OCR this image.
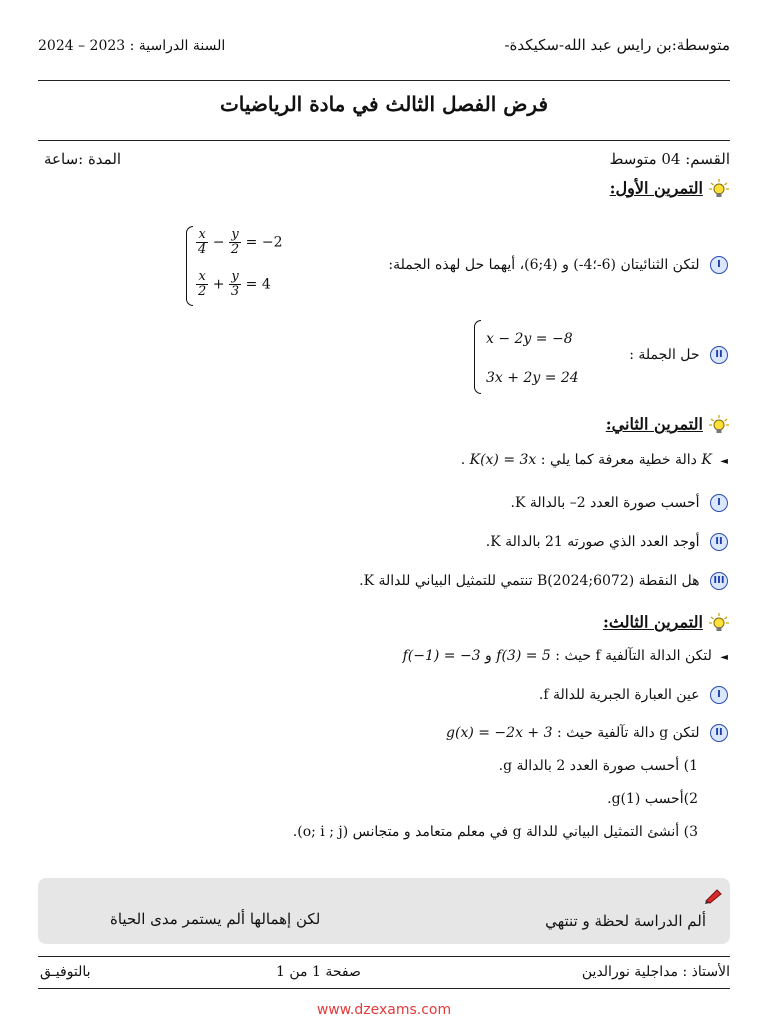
متوسطة:بن رايس عبد الله-سكيكدة-
السنة الدراسية : 2023 – 2024
فرض الفصل الثالث في مادة الرياضيات
القسم: 04 متوسط
المدة :ساعة
التمرين الأول:
I لتكن الثنائيتان (6-؛4-) و (4;6)، أيهما حل لهذه الجملة:
$\frac{x}{4} - \frac{y}{2} = -2$
$\frac{x}{2} + \frac{y}{3} = 4$
II حل الجملة :
x − 2y = −8
3x + 2y = 24
التمرين الثاني:
◄ K دالة خطية معرفة كما يلي : K(x) = 3x .
I أحسب صورة العدد 2– بالدالة K.
II أوجد العدد الذي صورته 21 بالدالة K.
III هل النقطة B(2024;6072) تنتمي للتمثيل البياني للدالة K.
التمرين الثالث:
◄ لتكن الدالة التآلفية f حيث : f(3) = 5 و f(−1) = −3
I عين العبارة الجبرية للدالة f.
II لتكن g دالة تآلفية حيث : g(x) = −2x + 3
1) أحسب صورة العدد 2 بالدالة g.
2)أحسب g(1).
3) أنشئ التمثيل البياني للدالة g في معلم متعامد و متجانس (o; i ; j).
ألم الدراسة لحظة و تنتهي
لكن إهمالها ألم يستمر مدى الحياة
الأستاذ : مداجلية نورالدين
صفحة 1 من 1
بالتوفيـق
www.dzexams.com
